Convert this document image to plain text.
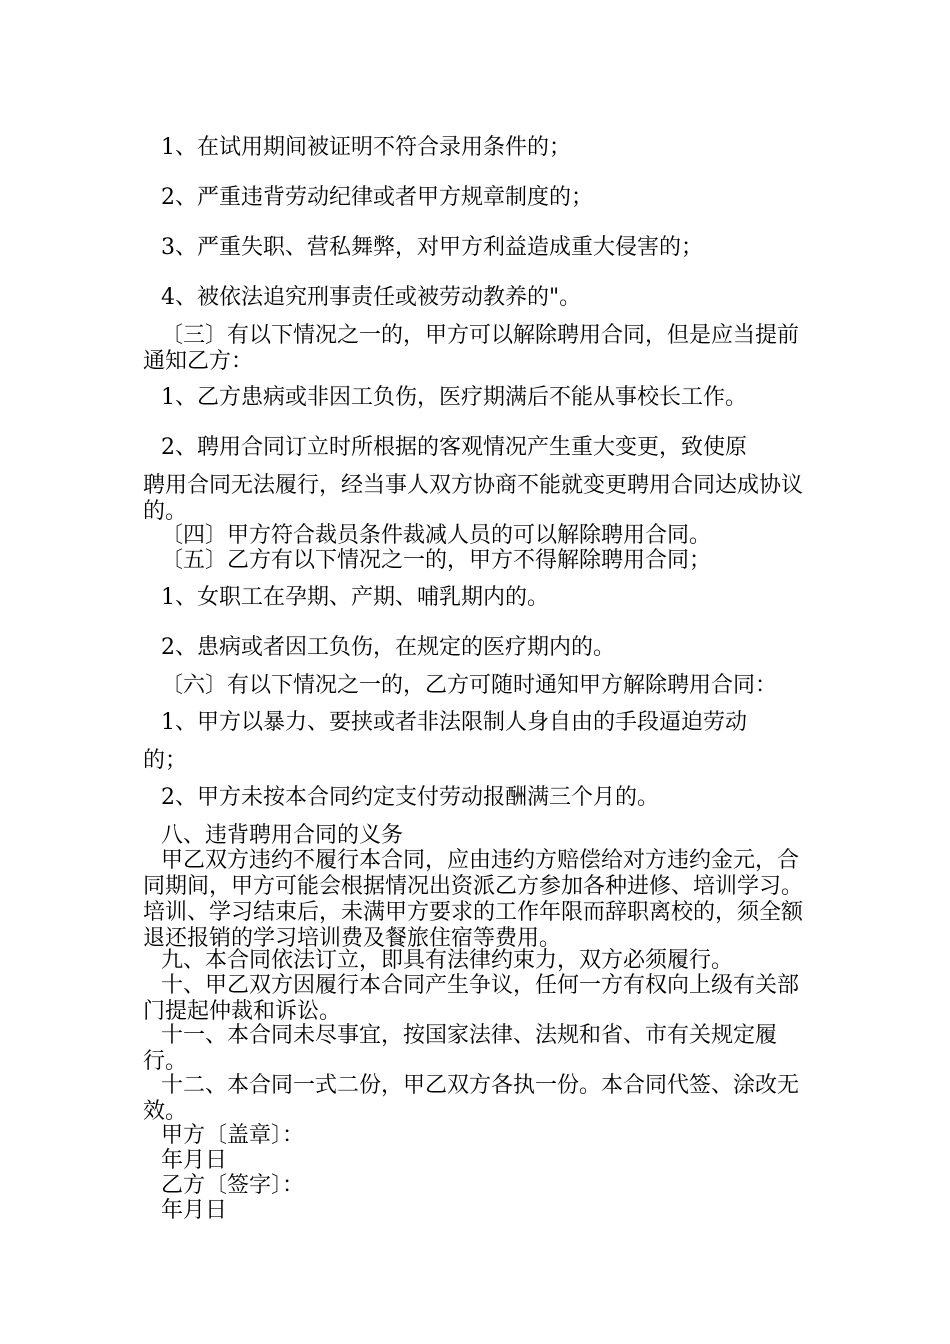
1、在试用期间被证明不符合录用条件的；

2、严重违背劳动纪律或者甲方规章制度的；

3、严重失职、营私舞弊，对甲方利益造成重大侵害的；

4、被依法追究刑事责任或被劳动教养的"。

〔三〕有以下情况之一的，甲方可以解除聘用合同，但是应当提前通知乙方：

1、乙方患病或非因工负伤，医疗期满后不能从事校长工作。

2、聘用合同订立时所根据的客观情况产生重大变更，致使原

聘用合同无法履行，经当事人双方协商不能就变更聘用合同达成协议的。

〔四〕甲方符合裁员条件裁减人员的可以解除聘用合同。

〔五〕乙方有以下情况之一的，甲方不得解除聘用合同；

1、女职工在孕期、产期、哺乳期内的。

2、患病或者因工负伤，在规定的医疗期内的。

〔六〕有以下情况之一的，乙方可随时通知甲方解除聘用合同：

1、甲方以暴力、要挟或者非法限制人身自由的手段逼迫劳动

的；

2、甲方未按本合同约定支付劳动报酬满三个月的。

八、违背聘用合同的义务

甲乙双方违约不履行本合同，应由违约方赔偿给对方违约金元，合同期间，甲方可能会根据情况出资派乙方参加各种进修、培训学习。培训、学习结束后，未满甲方要求的工作年限而辞职离校的，须全额退还报销的学习培训费及餐旅住宿等费用。

九、本合同依法订立，即具有法律约束力，双方必须履行。

十、甲乙双方因履行本合同产生争议，任何一方有权向上级有关部门提起仲裁和诉讼。

十一、本合同未尽事宜，按国家法律、法规和省、市有关规定履行。

十二、本合同一式二份，甲乙双方各执一份。本合同代签、涂改无效。

甲方〔盖章〕：

年月日

乙方〔签字〕：

年月日
